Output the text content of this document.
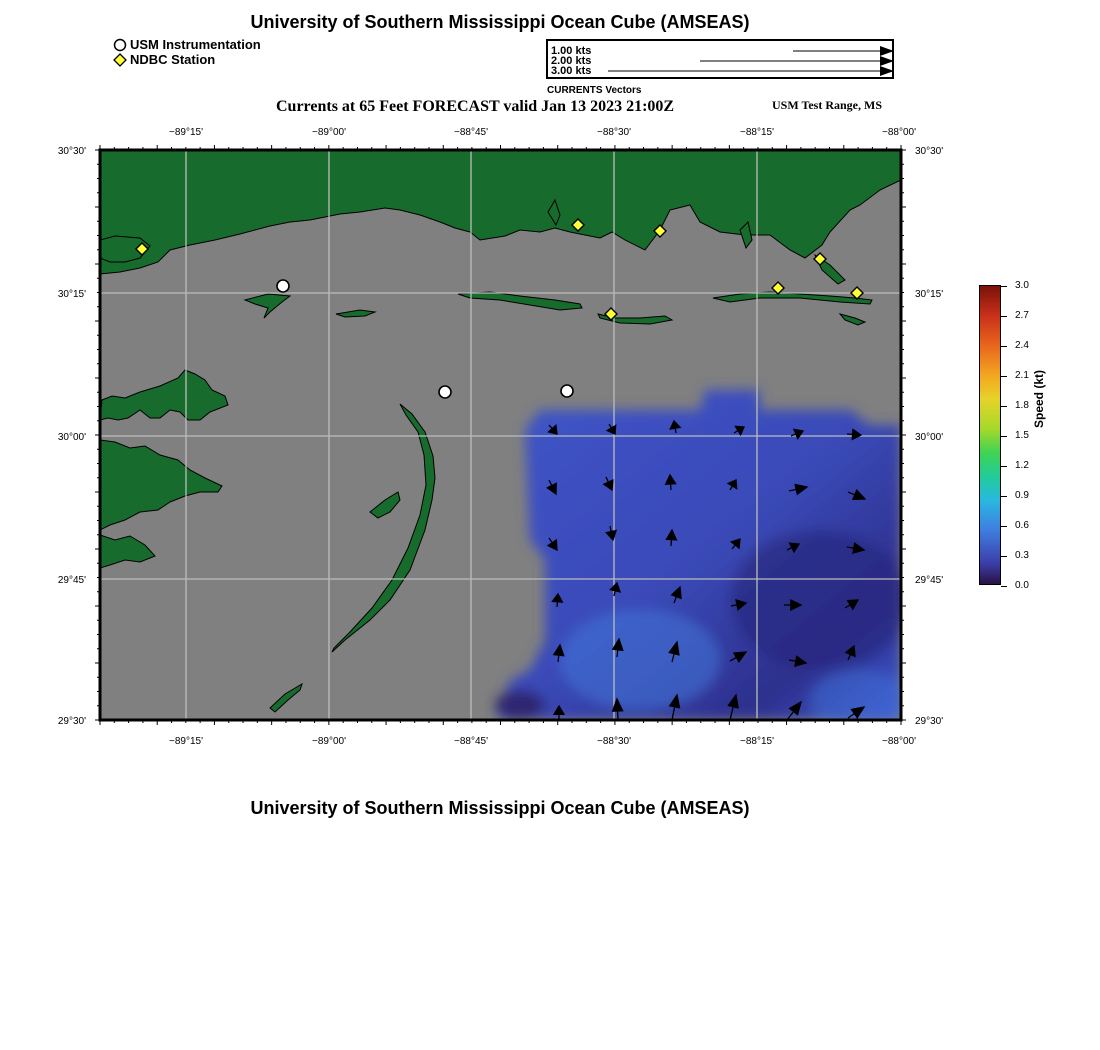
University of Southern Mississippi Ocean Cube (AMSEAS)
USM Instrumentation
NDBC Station
1.00 kts
2.00 kts
3.00 kts
CURRENTS Vectors
Currents at 65 Feet FORECAST valid Jan 13 2023 21:00Z	USM Test Range, MS
−89°15'	−89°00'	−88°45'	−88°30'	−88°15'	−88°00'
−89°15'	−89°00'	−88°45'	−88°30'	−88°15'	−88°00'
30°30'
30°15'
30°00'
29°45'
29°30'
30°30'
30°15'
30°00'
29°45'
29°30'
Speed (kt)
University of Southern Mississippi Ocean Cube (AMSEAS)
3.0
2.7
2.4
2.1
1.8
1.5
1.2
0.9
0.6
0.3
0.0
